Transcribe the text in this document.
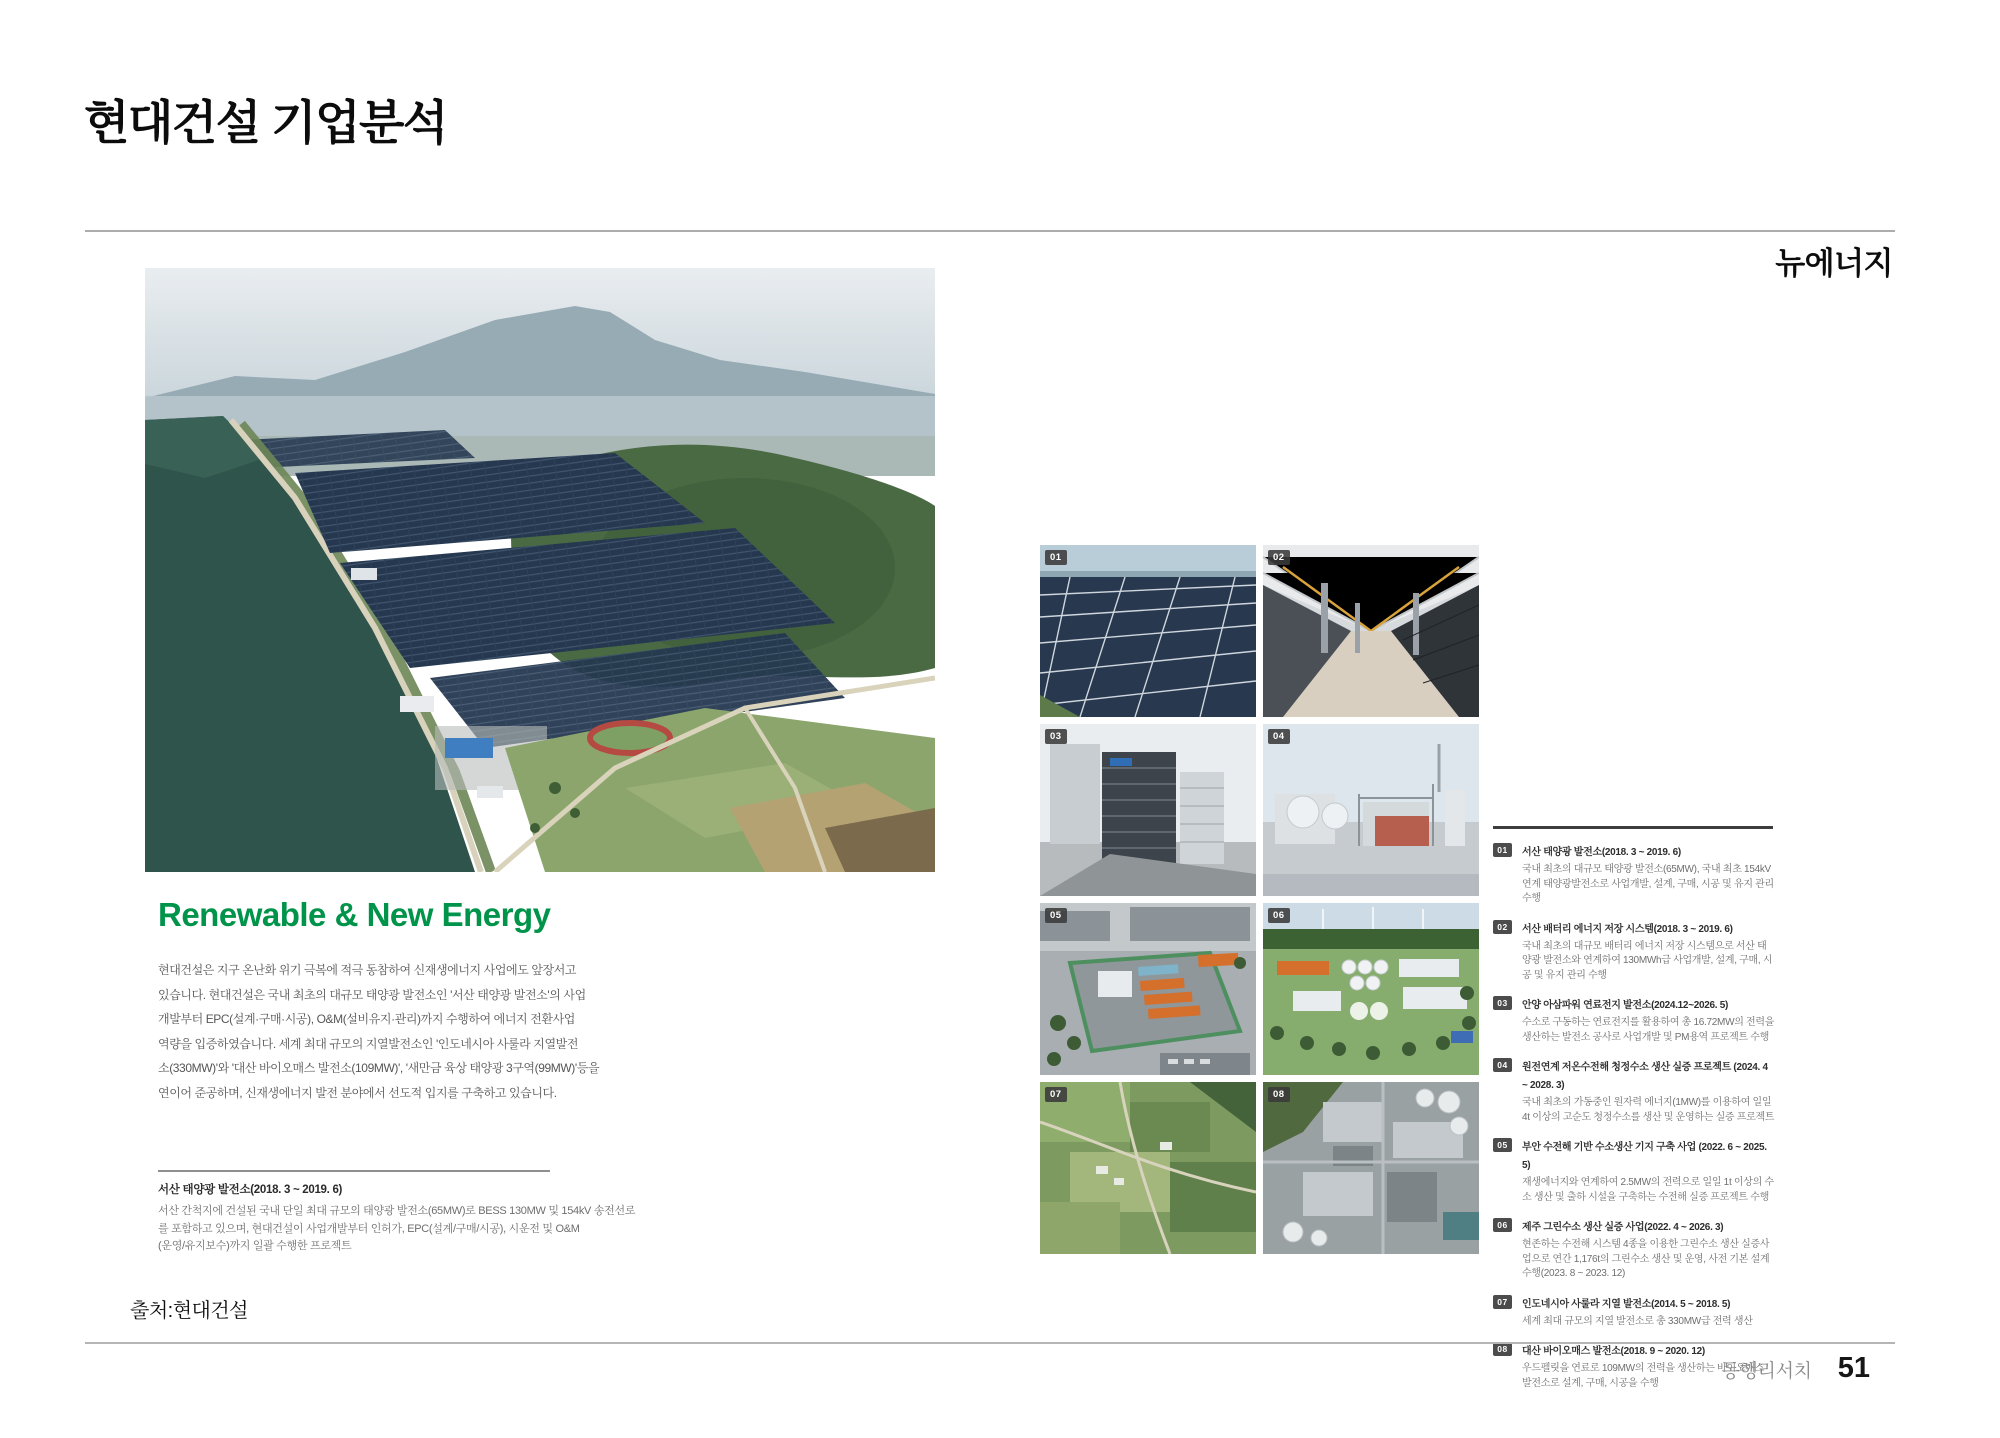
현대건설 기업분석
뉴에너지
Renewable & New Energy
현대건설은 지구 온난화 위기 극복에 적극 동참하여 신재생에너지 사업에도 앞장서고
있습니다. 현대건설은 국내 최초의 대규모 태양광 발전소인 '서산 태양광 발전소'의 사업
개발부터 EPC(설계·구매·시공), O&M(설비유지·관리)까지 수행하여 에너지 전환사업
역량을 입증하였습니다. 세계 최대 규모의 지열발전소인 '인도네시아 사룰라 지열발전
소(330MW)'와 '대산 바이오매스 발전소(109MW)', '새만금 육상 태양광 3구역(99MW)'등을
연이어 준공하며, 신재생에너지 발전 분야에서 선도적 입지를 구축하고 있습니다.
서산 태양광 발전소(2018. 3 ~ 2019. 6)
서산 간척지에 건설된 국내 단일 최대 규모의 태양광 발전소(65MW)로 BESS 130MW 및 154kV 송전선로
를 포함하고 있으며, 현대건설이 사업개발부터 인허가, EPC(설계/구매/시공), 시운전 및 O&M
(운영/유지보수)까지 일괄 수행한 프로젝트
출처:현대건설
01	02
03	04
05	06
07	08
01	서산 태양광 발전소(2018. 3 ~ 2019. 6)
국내 최초의 대규모 태양광 발전소(65MW), 국내 최초 154kV 연계 태양광발전소로 사업개발, 설계, 구매, 시공 및 유지 관리 수행
02	서산 배터리 에너지 저장 시스템(2018. 3 ~ 2019. 6)
국내 최초의 대규모 배터리 에너지 저장 시스템으로 서산 태양광 발전소와 연계하여 130MWh급 사업개발, 설계, 구매, 시공 및 유지 관리 수행
03	안양 아삼파워 연료전지 발전소(2024.12~2026. 5)
수소로 구동하는 연료전지를 활용하여 총 16.72MW의 전력을 생산하는 발전소 공사로 사업개발 및 PM용역 프로젝트 수행
04	원전연계 저온수전해 청정수소 생산 실증 프로젝트 (2024. 4 ~ 2028. 3)
국내 최초의 가동중인 원자력 에너지(1MW)를 이용하여 일일 4t 이상의 고순도 청정수소를 생산 및 운영하는 실증 프로젝트
05	부안 수전해 기반 수소생산 기지 구축 사업 (2022. 6 ~ 2025. 5)
재생에너지와 연계하여 2.5MW의 전력으로 일일 1t 이상의 수소 생산 및 출하 시설을 구축하는 수전해 실증 프로젝트 수행
06	제주 그린수소 생산 실증 사업(2022. 4 ~ 2026. 3)
현존하는 수전해 시스템 4종을 이용한 그린수소 생산 실증사업으로 연간 1,176t의 그린수소 생산 및 운영, 사전 기본 설계 수행(2023. 8 ~ 2023. 12)
07	인도네시아 사룰라 지열 발전소(2014. 5 ~ 2018. 5)
세계 최대 규모의 지열 발전소로 총 330MW급 전력 생산
08	대산 바이오매스 발전소(2018. 9 ~ 2020. 12)
우드펠릿을 연료로 109MW의 전력을 생산하는 바이오매스 발전소로 설계, 구매, 시공을 수행
동행리서치 51
